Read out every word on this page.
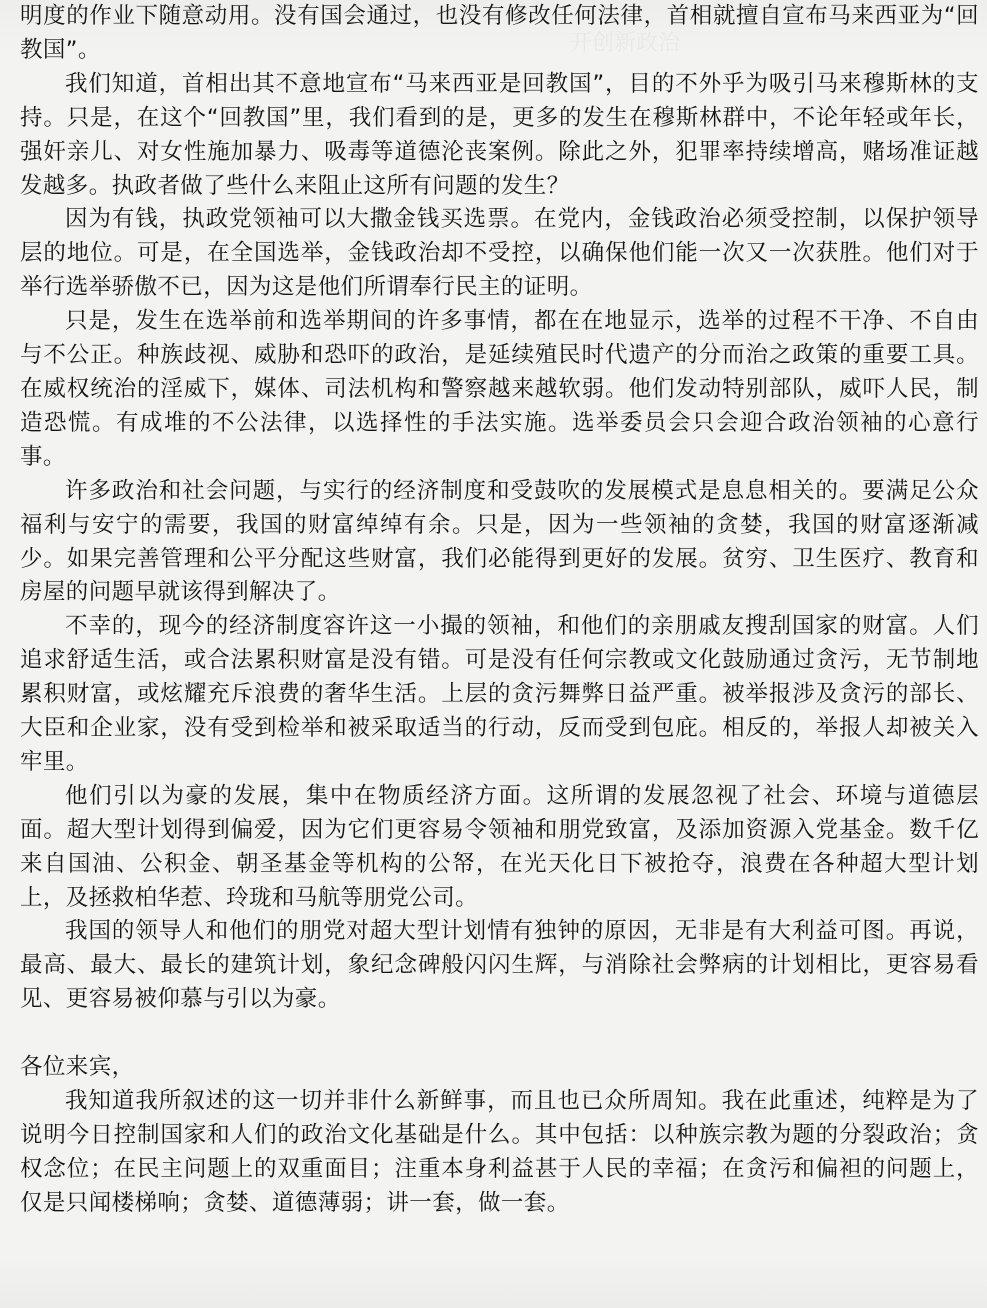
明度的作业下随意动用。没有国会通过，也没有修改任何法律，首相就擅自宣布马来西亚为“回教国”。

我们知道，首相出其不意地宣布“马来西亚是回教国”，目的不外乎为吸引马来穆斯林的支持。只是，在这个“回教国”里，我们看到的是，更多的发生在穆斯林群中，不论年轻或年长，强奸亲儿、对女性施加暴力、吸毒等道德沦丧案例。除此之外，犯罪率持续增高，赌场准证越发越多。执政者做了些什么来阻止这所有问题的发生？

因为有钱，执政党领袖可以大撒金钱买选票。在党内，金钱政治必须受控制，以保护领导层的地位。可是，在全国选举，金钱政治却不受控，以确保他们能一次又一次获胜。他们对于举行选举骄傲不已，因为这是他们所谓奉行民主的证明。

只是，发生在选举前和选举期间的许多事情，都在在地显示，选举的过程不干净、不自由与不公正。种族歧视、威胁和恐吓的政治，是延续殖民时代遗产的分而治之政策的重要工具。在威权统治的淫威下，媒体、司法机构和警察越来越软弱。他们发动特别部队，威吓人民，制造恐慌。有成堆的不公法律，以选择性的手法实施。选举委员会只会迎合政治领袖的心意行事。

许多政治和社会问题，与实行的经济制度和受鼓吹的发展模式是息息相关的。要满足公众福利与安宁的需要，我国的财富绰绰有余。只是，因为一些领袖的贪婪，我国的财富逐渐减少。如果完善管理和公平分配这些财富，我们必能得到更好的发展。贫穷、卫生医疗、教育和房屋的问题早就该得到解决了。

不幸的，现今的经济制度容许这一小撮的领袖，和他们的亲朋戚友搜刮国家的财富。人们追求舒适生活，或合法累积财富是没有错。可是没有任何宗教或文化鼓励通过贪污，无节制地累积财富，或炫耀充斥浪费的奢华生活。上层的贪污舞弊日益严重。被举报涉及贪污的部长、大臣和企业家，没有受到检举和被采取适当的行动，反而受到包庇。相反的，举报人却被关入牢里。

他们引以为豪的发展，集中在物质经济方面。这所谓的发展忽视了社会、环境与道德层面。超大型计划得到偏爱，因为它们更容易令领袖和朋党致富，及添加资源入党基金。数千亿来自国油、公积金、朝圣基金等机构的公帑，在光天化日下被抢夺，浪费在各种超大型计划上，及拯救柏华惹、玲珑和马航等朋党公司。

我国的领导人和他们的朋党对超大型计划情有独钟的原因，无非是有大利益可图。再说，最高、最大、最长的建筑计划，象纪念碑般闪闪生辉，与消除社会弊病的计划相比，更容易看见、更容易被仰慕与引以为豪。

各位来宾，

我知道我所叙述的这一切并非什么新鲜事，而且也已众所周知。我在此重述，纯粹是为了说明今日控制国家和人们的政治文化基础是什么。其中包括：以种族宗教为题的分裂政治；贪权念位；在民主问题上的双重面目；注重本身利益甚于人民的幸福；在贪污和偏袒的问题上，仅是只闻楼梯响；贪婪、道德薄弱；讲一套，做一套。
